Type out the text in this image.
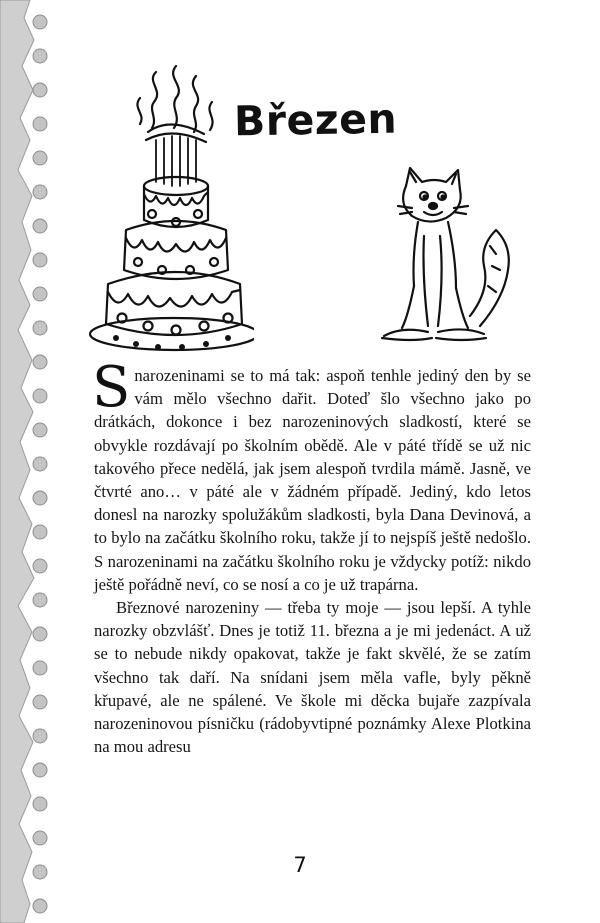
Březen

Snarozeninami se to má tak: aspoň tenhle jediný den by se vám mělo všechno dařit. Doteď šlo všechno jako po drátkách, dokonce i bez narozeninových sladkostí, které se obvykle rozdávají po školním obědě. Ale v páté třídě se už nic takového přece nedělá, jak jsem alespoň tvrdila mámě. Jasně, ve čtvrté ano… v páté ale v žádném případě. Jediný, kdo letos donesl na narozky spolužákům sladkosti, byla Dana Devinová, a to bylo na začátku školního roku, takže jí to nejspíš ještě nedošlo. S narozeninami na začátku školního roku je vždycky potíž: nikdo ještě pořádně neví, co se nosí a co je už trapárna.

Březnové narozeniny — třeba ty moje — jsou lepší. A tyhle narozky obzvlášť. Dnes je totiž 11. března a je mi jedenáct. A už se to nebude nikdy opakovat, takže je fakt skvělé, že se zatím všechno tak daří. Na snídani jsem měla vafle, byly pěkně křupavé, ale ne spálené. Ve škole mi děcka bujaře zazpívala narozeninovou písničku (rádobyvtipné poznámky Alexe Plotkina na mou adresu

7
